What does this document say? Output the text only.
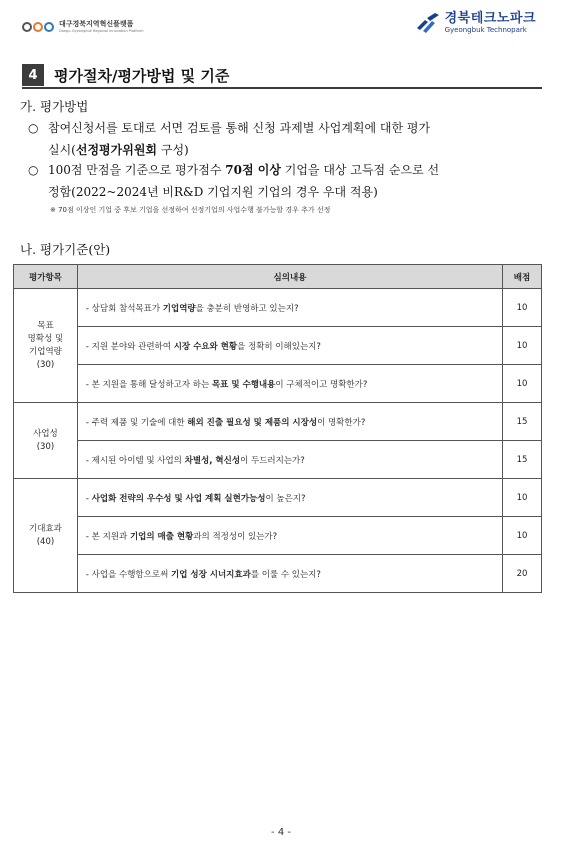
대구경북지역혁신플랫폼
Daegu-Gyeongbuk Regional Innovation Platform
경북테크노파크
Gyeongbuk Technopark
4	평가절차/평가방법 및 기준
가. 평가방법
○ 참여신청서를 토대로 서면 검토를 통해 신청 과제별 사업계획에 대한 평가
실시(선정평가위원회 구성)
○ 100점 만점을 기준으로 평가점수 70점 이상 기업을 대상 고득점 순으로 선
정함(2022~2024년 비R&D 기업지원 기업의 경우 우대 적용)
※ 70점 이상인 기업 중 후보 기업을 선정하여 선정기업의 사업수행 불가능할 경우 추가 선정
나. 평가기준(안)
평가항목	심의내용	배점

목표
명확성 및
기업역량
(30)	- 상담회 참석목표가 기업역량을 충분히 반영하고 있는지?	10
	- 지원 분야와 관련하여 시장 수요와 현황을 정확히 이해있는지?	10
	- 본 지원을 통해 달성하고자 하는 목표 및 수행내용이 구체적이고 명확한가?	10

사업성
(30)	- 주력 제품 및 기술에 대한 해외 진출 필요성 및 제품의 시장성이 명확한가?	15
	- 제시된 아이템 및 사업의 차별성, 혁신성이 두드러지는가?	15

기대효과
(40)	- 사업화 전략의 우수성 및 사업 계획 실현가능성이 높은지?	10
	- 본 지원과 기업의 매출 현황과의 적정성이 있는가?	10
	- 사업을 수행함으로써 기업 성장 시너지효과를 이룰 수 있는지?	20
- 4 -
